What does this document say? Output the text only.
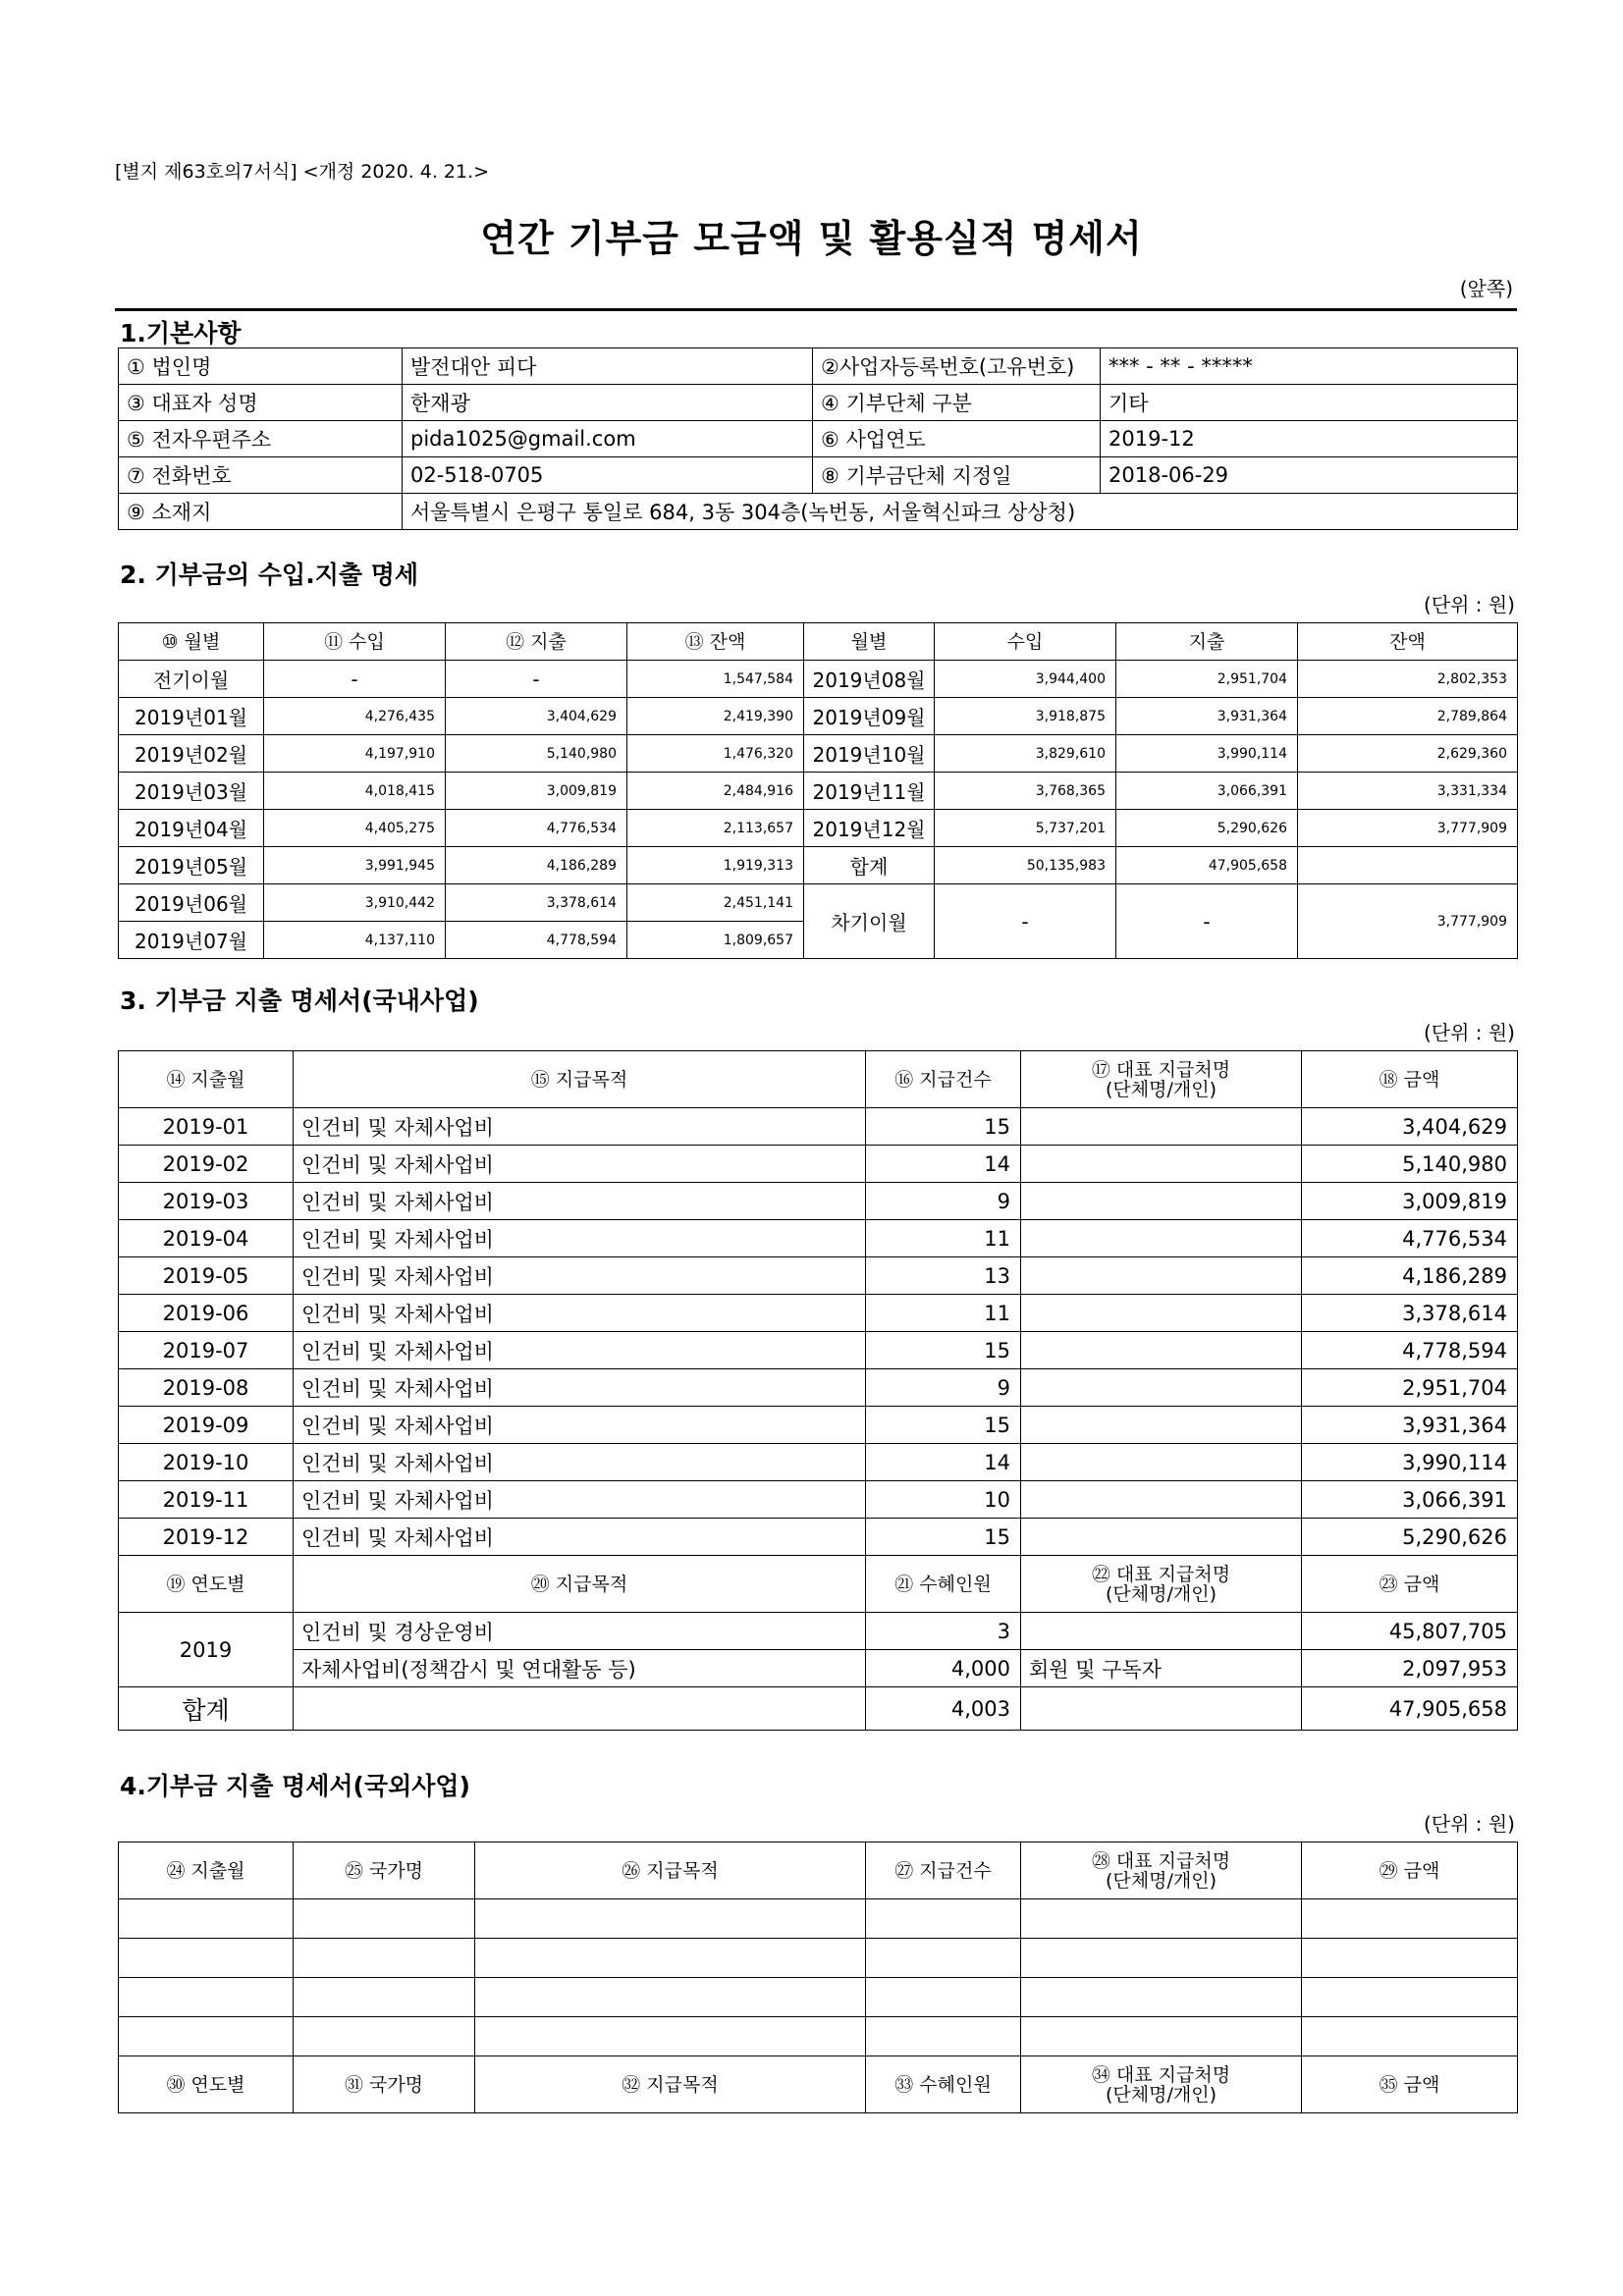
[별지 제63호의7서식] <개정 2020. 4. 21.>
연간 기부금 모금액 및 활용실적 명세서
(앞쪽)
1.기본사항
① 법인명	발전대안 피다	②사업자등록번호(고유번호)	*** - ** - *****
③ 대표자 성명	한재광	④ 기부단체 구분	기타
⑤ 전자우편주소	pida1025@gmail.com	⑥ 사업연도	2019-12
⑦ 전화번호	02-518-0705	⑧ 기부금단체 지정일	2018-06-29
⑨ 소재지	서울특별시 은평구 통일로 684, 3동 304층(녹번동, 서울혁신파크 상상청)		
2. 기부금의 수입.지출 명세
(단위 : 원)
⑩ 월별	⑪ 수입	⑫ 지출	⑬ 잔액	월별	수입	지출	잔액
전기이월	-	-	1,547,584	2019년08월	3,944,400	2,951,704	2,802,353
2019년01월	4,276,435	3,404,629	2,419,390	2019년09월	3,918,875	3,931,364	2,789,864
2019년02월	4,197,910	5,140,980	1,476,320	2019년10월	3,829,610	3,990,114	2,629,360
2019년03월	4,018,415	3,009,819	2,484,916	2019년11월	3,768,365	3,066,391	3,331,334
2019년04월	4,405,275	4,776,534	2,113,657	2019년12월	5,737,201	5,290,626	3,777,909
2019년05월	3,991,945	4,186,289	1,919,313	합계	50,135,983	47,905,658	
2019년06월	3,910,442	3,378,614	2,451,141	차기이월	-	-	3,777,909
2019년07월	4,137,110	4,778,594	1,809,657				
3. 기부금 지출 명세서(국내사업)
(단위 : 원)
⑭ 지출월	⑮ 지급목적	⑯ 지급건수	⑰ 대표 지급처명
(단체명/개인)	⑱ 금액
2019-01	인건비 및 자체사업비	15		3,404,629
2019-02	인건비 및 자체사업비	14		5,140,980
2019-03	인건비 및 자체사업비	9		3,009,819
2019-04	인건비 및 자체사업비	11		4,776,534
2019-05	인건비 및 자체사업비	13		4,186,289
2019-06	인건비 및 자체사업비	11		3,378,614
2019-07	인건비 및 자체사업비	15		4,778,594
2019-08	인건비 및 자체사업비	9		2,951,704
2019-09	인건비 및 자체사업비	15		3,931,364
2019-10	인건비 및 자체사업비	14		3,990,114
2019-11	인건비 및 자체사업비	10		3,066,391
2019-12	인건비 및 자체사업비	15		5,290,626
⑲ 연도별	⑳ 지급목적	㉑ 수혜인원	㉒ 대표 지급처명
(단체명/개인)	㉓ 금액
2019	인건비 및 경상운영비	3		45,807,705
	자체사업비(정책감시 및 연대활동 등)	4,000	회원 및 구독자	2,097,953
합계		4,003		47,905,658
4.기부금 지출 명세서(국외사업)
(단위 : 원)
㉔ 지출월	㉕ 국가명	㉖ 지급목적	㉗ 지급건수	㉘ 대표 지급처명
(단체명/개인)	㉙ 금액

㉚ 연도별	㉛ 국가명	㉜ 지급목적	㉝ 수혜인원	㉞ 대표 지급처명
(단체명/개인)	㉟ 금액
